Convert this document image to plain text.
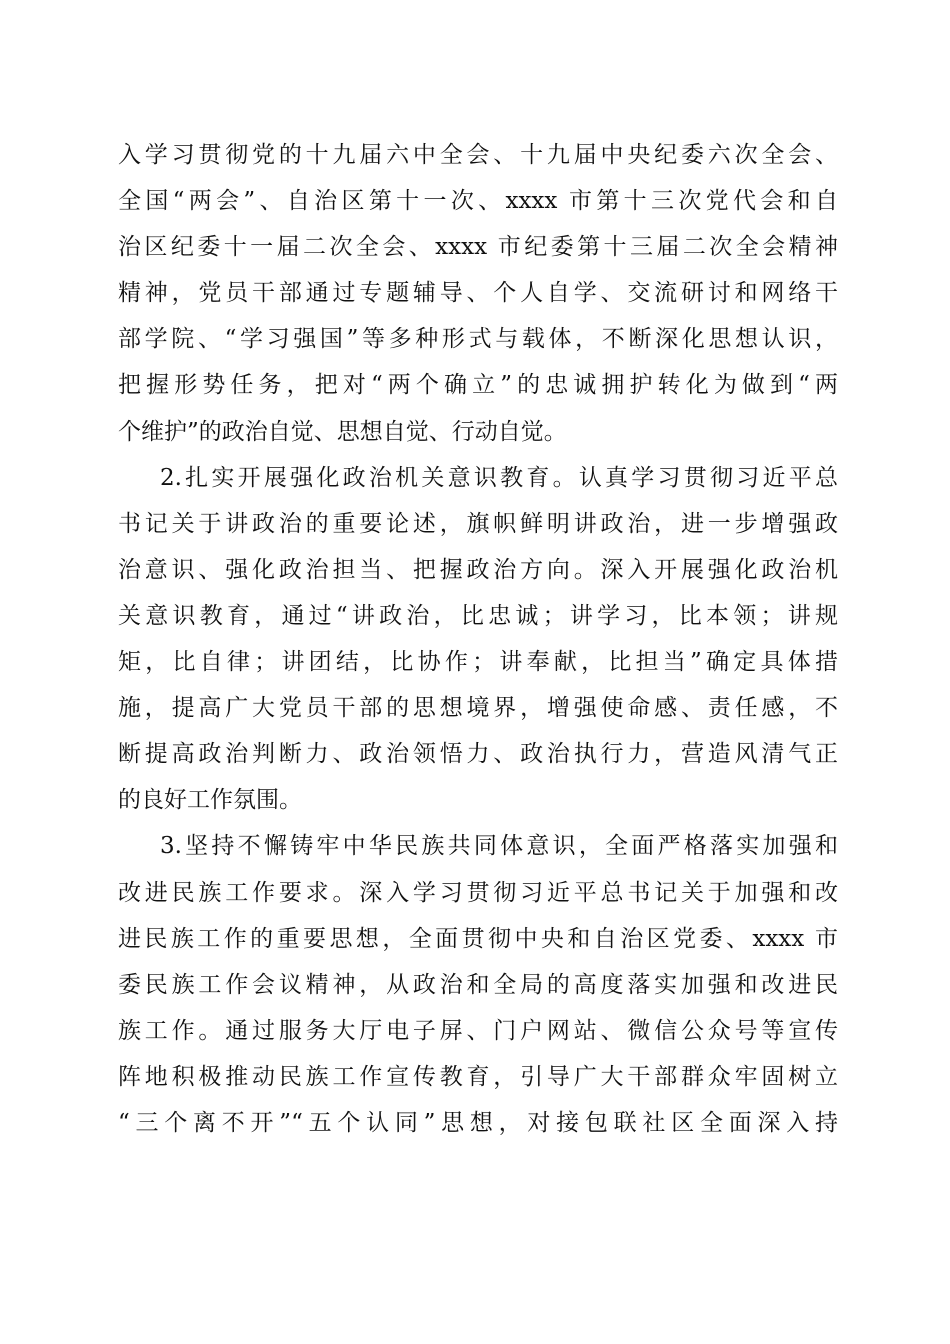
入学习贯彻党的十九届六中全会、十九届中央纪委六次全会、
全国“两会”、自治区第十一次、xxxx 市第十三次党代会和自
治区纪委十一届二次全会、xxxx 市纪委第十三届二次全会精神
精神，党员干部通过专题辅导、个人自学、交流研讨和网络干
部学院、“学习强国”等多种形式与载体，不断深化思想认识，
把握形势任务，把对“两个确立”的忠诚拥护转化为做到“两
个维护”的政治自觉、思想自觉、行动自觉。
2.扎实开展强化政治机关意识教育。认真学习贯彻习近平总
书记关于讲政治的重要论述，旗帜鲜明讲政治，进一步增强政
治意识、强化政治担当、把握政治方向。深入开展强化政治机
关意识教育，通过“讲政治，比忠诚；讲学习，比本领；讲规
矩，比自律；讲团结，比协作；讲奉献，比担当”确定具体措
施，提高广大党员干部的思想境界，增强使命感、责任感，不
断提高政治判断力、政治领悟力、政治执行力，营造风清气正
的良好工作氛围。
3.坚持不懈铸牢中华民族共同体意识，全面严格落实加强和
改进民族工作要求。深入学习贯彻习近平总书记关于加强和改
进民族工作的重要思想，全面贯彻中央和自治区党委、xxxx 市
委民族工作会议精神，从政治和全局的高度落实加强和改进民
族工作。通过服务大厅电子屏、门户网站、微信公众号等宣传
阵地积极推动民族工作宣传教育，引导广大干部群众牢固树立
“三个离不开”“五个认同”思想，对接包联社区全面深入持
